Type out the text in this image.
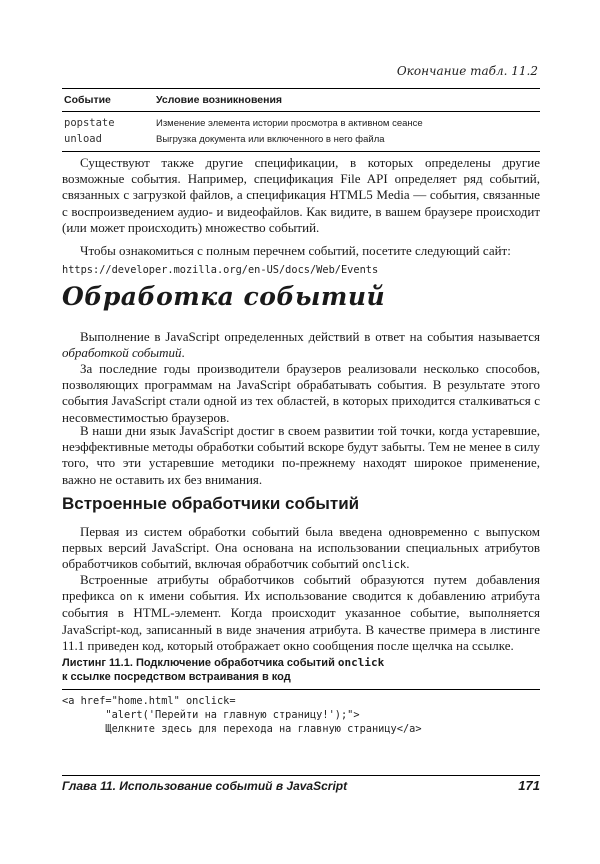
Окончание табл. 11.2
Событие	Условие возникновения
popstate	Изменение элемента истории просмотра в активном сеансе
unload	Выгрузка документа или включенного в него файла

Существуют также другие спецификации, в которых определены другие возможные события. Например, спецификация File API определяет ряд событий, связанных с загрузкой файлов, а спецификация HTML5 Media — события, связанные с воспроизведением аудио- и видеофайлов. Как видите, в вашем браузере происходит (или может происходить) множество событий.

Чтобы ознакомиться с полным перечнем событий, посетите следующий сайт:

https://developer.mozilla.org/en-US/docs/Web/Events
Обработка событий

Выполнение в JavaScript определенных действий в ответ на события называется обработкой событий.

За последние годы производители браузеров реализовали несколько способов, позволяющих программам на JavaScript обрабатывать события. В результате этого события JavaScript стали одной из тех областей, в которых приходится сталкиваться с несовместимостью браузеров.

В наши дни язык JavaScript достиг в своем развитии той точки, когда устаревшие, неэффективные методы обработки событий вскоре будут забыты. Тем не менее в силу того, что эти устаревшие методики по-прежнему находят широкое применение, важно не оставить их без внимания.

Встроенные обработчики событий

Первая из систем обработки событий была введена одновременно с выпуском первых версий JavaScript. Она основана на использовании специальных атрибутов обработчиков событий, включая обработчик событий onclick.

Встроенные атрибуты обработчиков событий образуются путем добавления префикса on к имени события. Их использование сводится к добавлению атрибута события в HTML-элемент. Когда происходит указанное событие, выполняется JavaScript-код, записанный в виде значения атрибута. В качестве примера в листинге 11.1 приведен код, который отображает окно сообщения после щелчка на ссылке.

Листинг 11.1. Подключение обработчика событий onclick
к ссылке посредством встраивания в код
<a href="home.html" onclick=
"alert('Перейти на главную страницу!');">
Щелкните здесь для перехода на главную страницу</a>
Глава 11. Использование событий в JavaScript	171
